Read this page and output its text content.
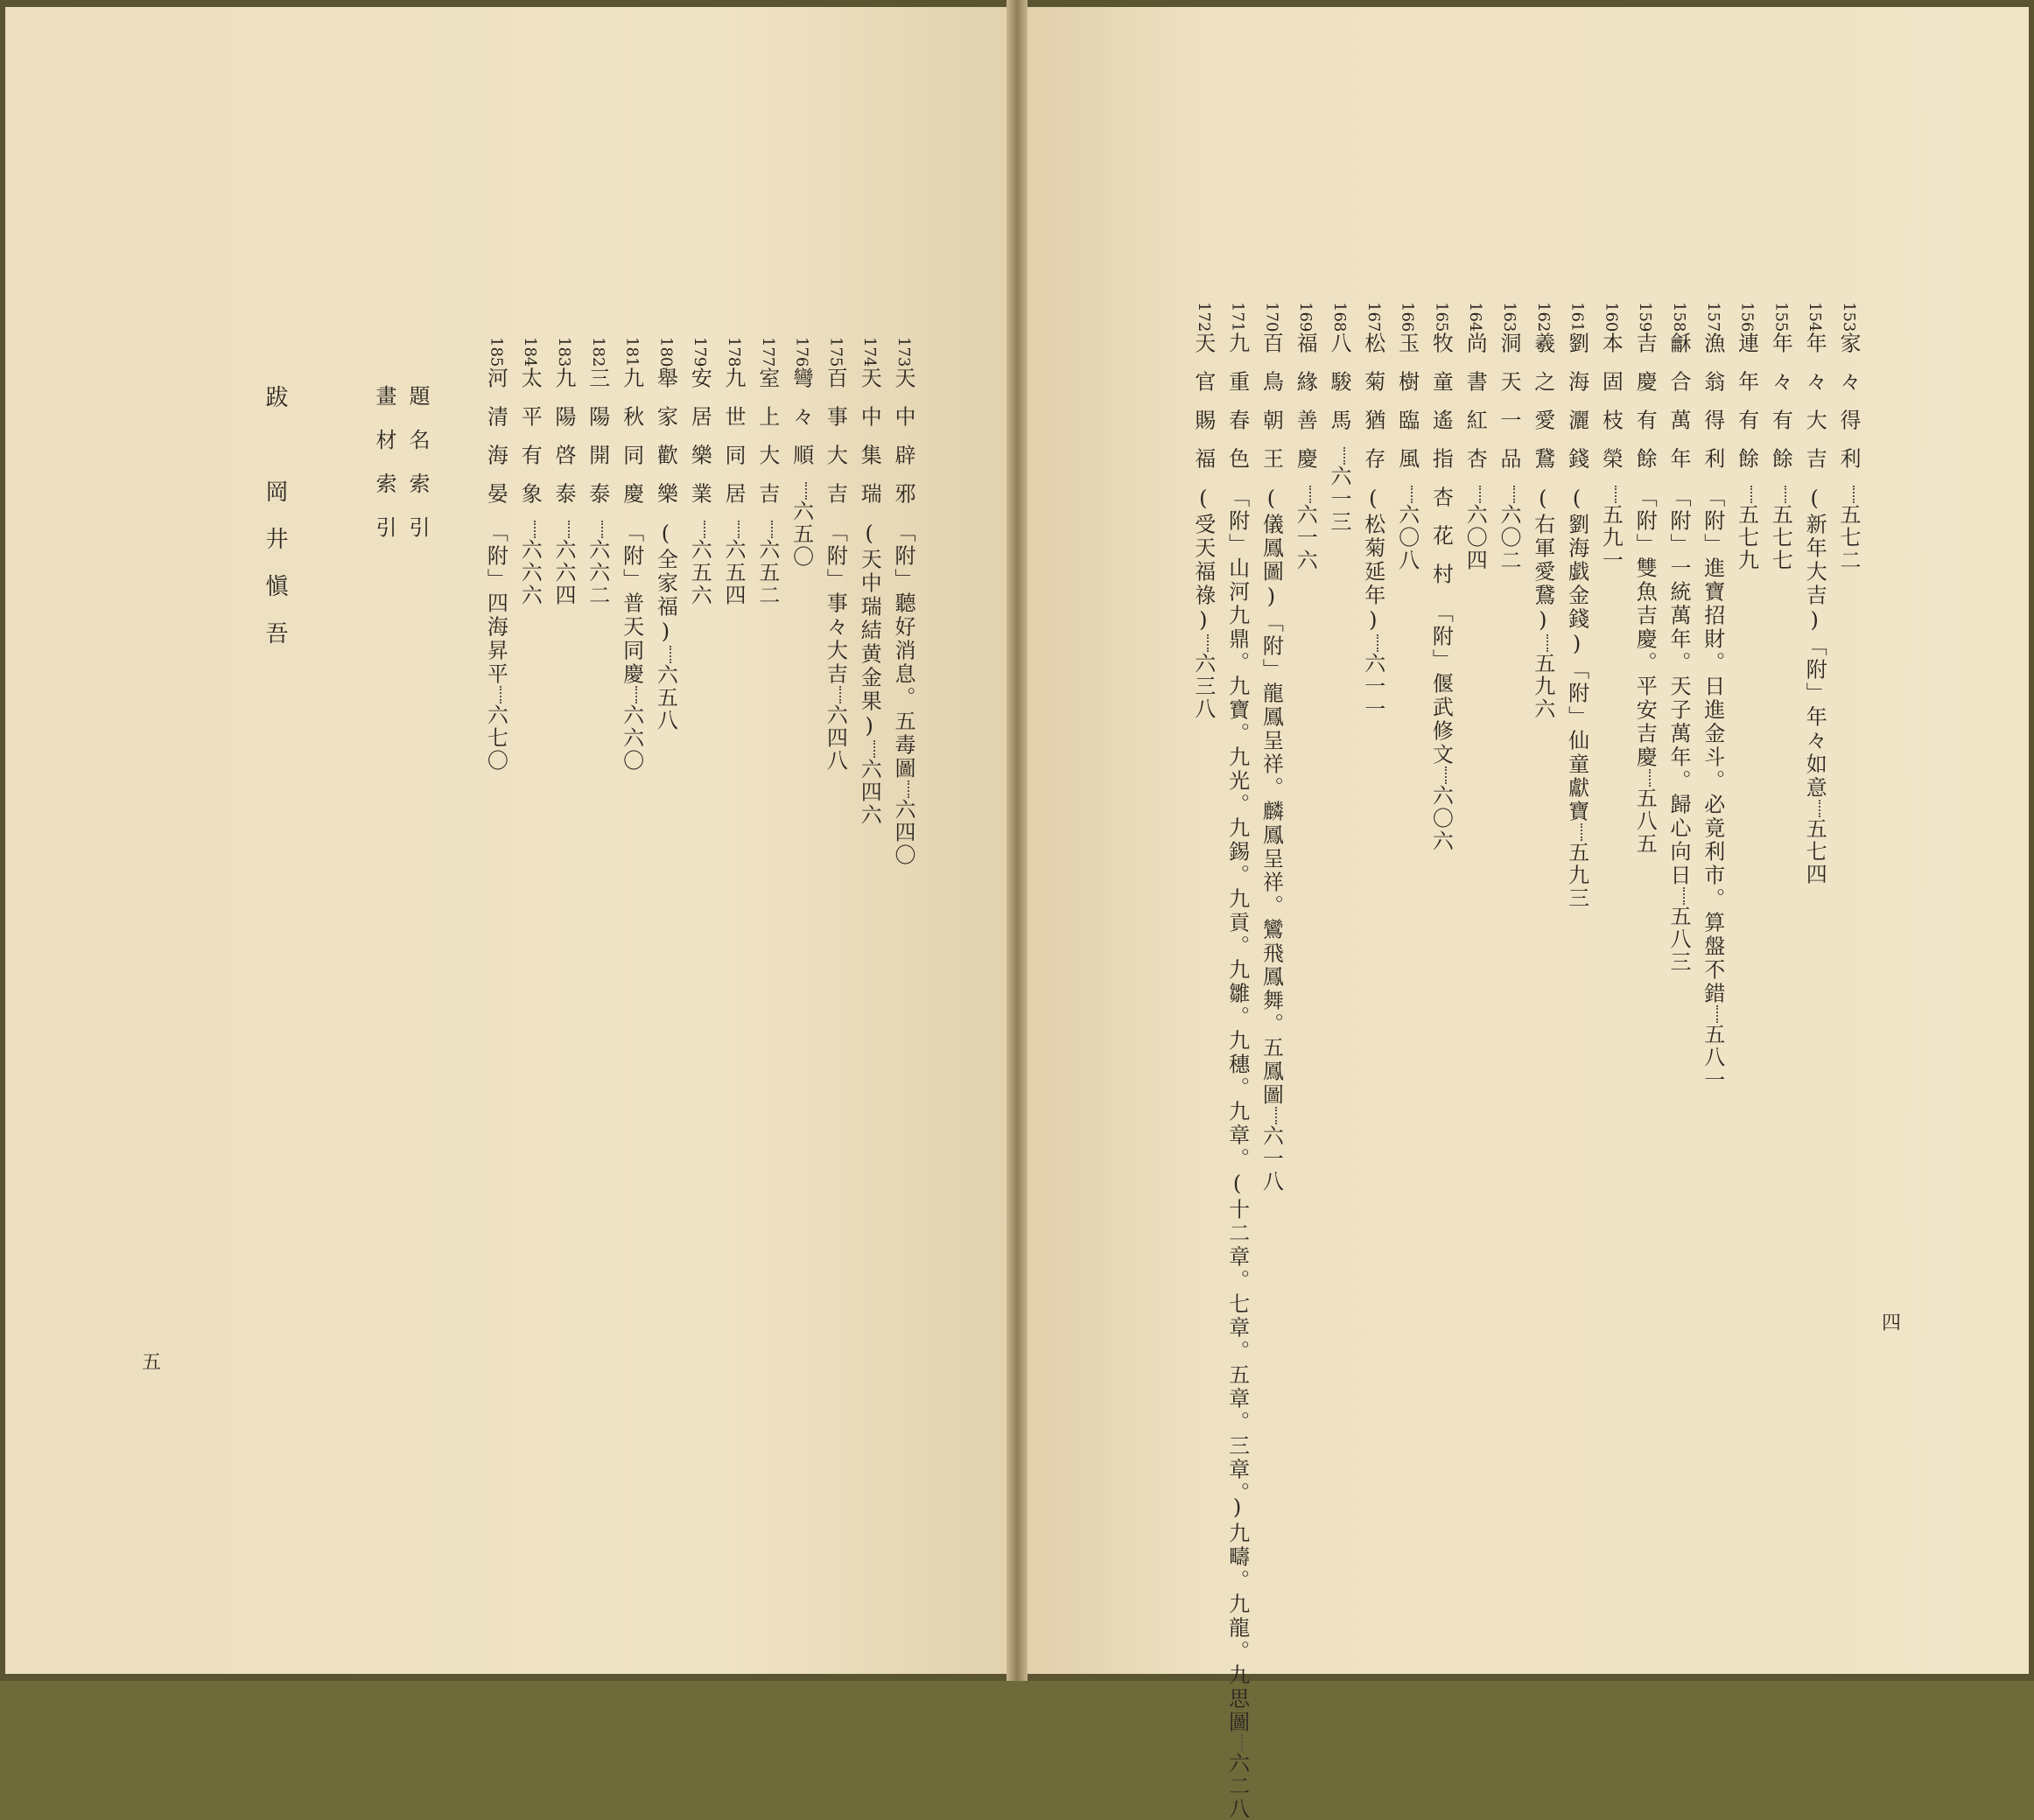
153家々得利五七二
154年々大吉(新年大吉)「附」年々如意五七四
155年々有餘五七七
156連年有餘五七九
157漁翁得利「附」進寶招財。日進金斗。必竟利市。算盤不錯五八一
158龢合萬年「附」一統萬年。天子萬年。歸心向日五八三
159吉慶有餘「附」雙魚吉慶。平安吉慶五八五
160本固枝榮五九一
161劉海灑錢(劉海戯金錢)「附」仙童獻寶五九三
162羲之愛鵞(右軍愛鵞)五九六
163洞天一品六〇二
164尚書紅杏六〇四
165牧童遙指杏花村「附」偃武修文六〇六
166玉樹臨風六〇八
167松菊猶存(松菊延年)六一一
168八駿馬六一三
169福緣善慶六一六
170百鳥朝王(儀鳳圖)「附」龍鳳呈祥。麟鳳呈祥。鸞飛鳳舞。五鳳圖六一八
171九重春色「附」山河九鼎。九寶。九光。九錫。九貢。九雛。九穗。九章。(十二章。七章。五章。三章。)九疇。九龍。九思圖六二八
172天官賜福(受天福祿)六三八
173天中辟邪「附」聽好消息。五毒圖六四〇
174天中集瑞(天中瑞結黄金果)六四六
175百事大吉「附」事々大吉六四八
176彎々順六五〇
177室上大吉六五二
178九世同居六五四
179安居樂業六五六
180舉家歡樂(全家福)六五八
181九秋同慶「附」普天同慶六六〇
182三陽開泰六六二
183九陽啓泰六六四
184太平有象六六六
185河清海晏「附」四海昇平六七〇
題名索引
畫材索引
四
五
跋　岡井愼吾
